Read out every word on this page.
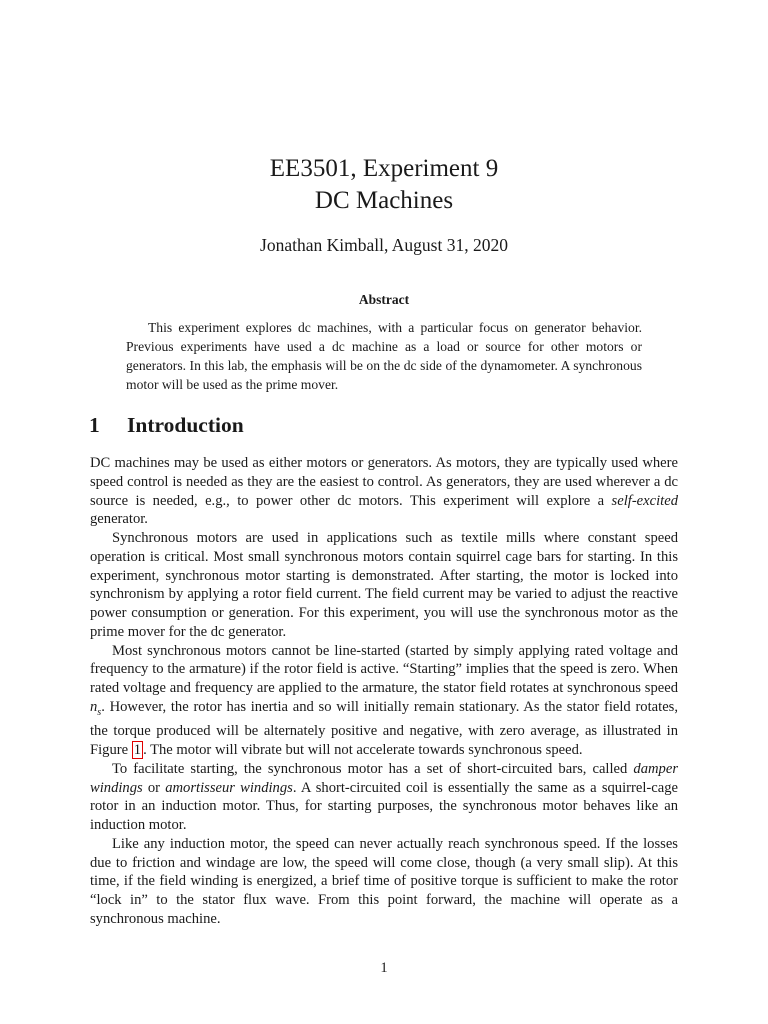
EE3501, Experiment 9
DC Machines
Jonathan Kimball, August 31, 2020
Abstract
This experiment explores dc machines, with a particular focus on generator behavior. Previous experiments have used a dc machine as a load or source for other motors or generators. In this lab, the emphasis will be on the dc side of the dynamometer. A synchronous motor will be used as the prime mover.
1 Introduction

DC machines may be used as either motors or generators. As motors, they are typically used where speed control is needed as they are the easiest to control. As generators, they are used wherever a dc source is needed, e.g., to power other dc motors. This experiment will explore a self-excited generator.

Synchronous motors are used in applications such as textile mills where constant speed operation is critical. Most small synchronous motors contain squirrel cage bars for starting. In this experiment, synchronous motor starting is demonstrated. After starting, the motor is locked into synchronism by applying a rotor field current. The field current may be varied to adjust the reactive power consumption or generation. For this experiment, you will use the synchronous motor as the prime mover for the dc generator.

Most synchronous motors cannot be line-started (started by simply applying rated voltage and frequency to the armature) if the rotor field is active. “Starting” implies that the speed is zero. When rated voltage and frequency are applied to the armature, the stator field rotates at synchronous speed $n_s$. However, the rotor has inertia and so will initially remain stationary. As the stator field rotates, the torque produced will be alternately positive and negative, with zero average, as illustrated in Figure 1 . The motor will vibrate but will not accelerate towards synchronous speed.

To facilitate starting, the synchronous motor has a set of short-circuited bars, called damper windings or amortisseur windings. A short-circuited coil is essentially the same as a squirrel-cage rotor in an induction motor. Thus, for starting purposes, the synchronous motor behaves like an induction motor.

Like any induction motor, the speed can never actually reach synchronous speed. If the losses due to friction and windage are low, the speed will come close, though (a very small slip). At this time, if the field winding is energized, a brief time of positive torque is sufficient to make the rotor “lock in” to the stator flux wave. From this point forward, the machine will operate as a synchronous machine.

1
